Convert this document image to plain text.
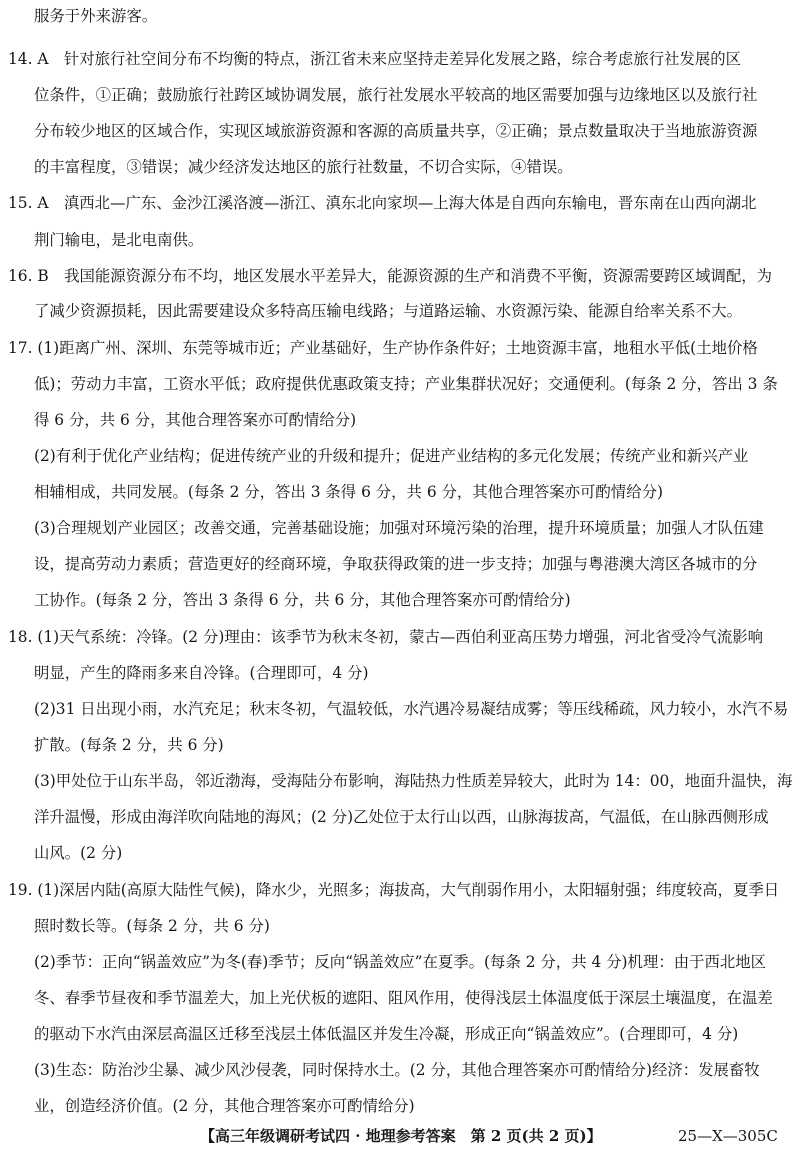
服务于外来游客。
14. A　针对旅行社空间分布不均衡的特点，浙江省未来应坚持走差异化发展之路，综合考虑旅行社发展的区
位条件，①正确；鼓励旅行社跨区域协调发展，旅行社发展水平较高的地区需要加强与边缘地区以及旅行社
分布较少地区的区域合作，实现区域旅游资源和客源的高质量共享，②正确；景点数量取决于当地旅游资源
的丰富程度，③错误；减少经济发达地区的旅行社数量，不切合实际，④错误。
15. A　滇西北—广东、金沙江溪洛渡—浙江、滇东北向家坝—上海大体是自西向东输电，晋东南在山西向湖北
荆门输电，是北电南供。
16. B　我国能源资源分布不均，地区发展水平差异大，能源资源的生产和消费不平衡，资源需要跨区域调配，为
了减少资源损耗，因此需要建设众多特高压输电线路；与道路运输、水资源污染、能源自给率关系不大。
17. (1)距离广州、深圳、东莞等城市近；产业基础好，生产协作条件好；土地资源丰富，地租水平低(土地价格
低)；劳动力丰富，工资水平低；政府提供优惠政策支持；产业集群状况好；交通便利。(每条 2 分，答出 3 条
得 6 分，共 6 分，其他合理答案亦可酌情给分)
(2)有利于优化产业结构；促进传统产业的升级和提升；促进产业结构的多元化发展；传统产业和新兴产业
相辅相成，共同发展。(每条 2 分，答出 3 条得 6 分，共 6 分，其他合理答案亦可酌情给分)
(3)合理规划产业园区；改善交通，完善基础设施；加强对环境污染的治理，提升环境质量；加强人才队伍建
设，提高劳动力素质；营造更好的经商环境，争取获得政策的进一步支持；加强与粤港澳大湾区各城市的分
工协作。(每条 2 分，答出 3 条得 6 分，共 6 分，其他合理答案亦可酌情给分)
18. (1)天气系统：冷锋。(2 分)理由：该季节为秋末冬初，蒙古—西伯利亚高压势力增强，河北省受冷气流影响
明显，产生的降雨多来自冷锋。(合理即可，4 分)
(2)31 日出现小雨，水汽充足；秋末冬初，气温较低，水汽遇冷易凝结成雾；等压线稀疏，风力较小，水汽不易
扩散。(每条 2 分，共 6 分)
(3)甲处位于山东半岛，邻近渤海，受海陆分布影响，海陆热力性质差异较大，此时为 14：00，地面升温快，海
洋升温慢，形成由海洋吹向陆地的海风；(2 分)乙处位于太行山以西，山脉海拔高，气温低，在山脉西侧形成
山风。(2 分)
19. (1)深居内陆(高原大陆性气候)，降水少，光照多；海拔高，大气削弱作用小，太阳辐射强；纬度较高，夏季日
照时数长等。(每条 2 分，共 6 分)
(2)季节：正向“锅盖效应”为冬(春)季节；反向“锅盖效应”在夏季。(每条 2 分，共 4 分)机理：由于西北地区
冬、春季节昼夜和季节温差大，加上光伏板的遮阳、阻风作用，使得浅层土体温度低于深层土壤温度，在温差
的驱动下水汽由深层高温区迁移至浅层土体低温区并发生冷凝，形成正向“锅盖效应”。(合理即可，4 分)
(3)生态：防治沙尘暴、减少风沙侵袭，同时保持水土。(2 分，其他合理答案亦可酌情给分)经济：发展畜牧
业，创造经济价值。(2 分，其他合理答案亦可酌情给分)
【高三年级调研考试四 · 地理参考答案　第 2 页(共 2 页)】	25—X—305C
